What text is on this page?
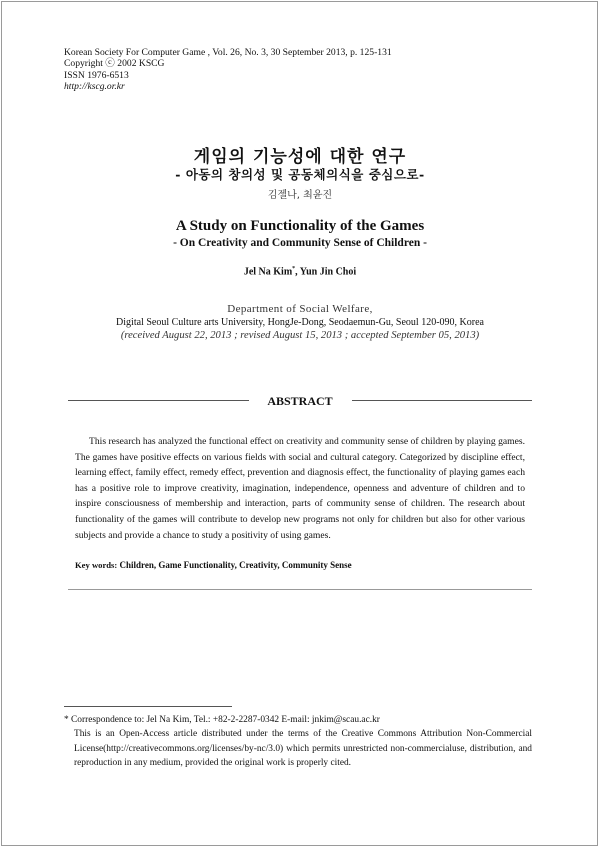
Korean Society For Computer Game , Vol. 26, No. 3, 30 September 2013, p. 125-131
Copyright ⓒ 2002 KSCG
ISSN 1976-6513
http://kscg.or.kr
게임의 기능성에 대한 연구
- 아동의 창의성 및 공동체의식을 중심으로-
김젤나, 최윤진
A Study on Functionality of the Games
- On Creativity and Community Sense of Children -
Jel Na Kim*, Yun Jin Choi
Department of Social Welfare,
Digital Seoul Culture arts University, HongJe-Dong, Seodaemun-Gu, Seoul 120-090, Korea
(received August 22, 2013 ; revised August 15, 2013 ; accepted September 05, 2013)
ABSTRACT

This research has analyzed the functional effect on creativity and community sense of children by playing games. The games have positive effects on various fields with social and cultural category. Categorized by discipline effect, learning effect, family effect, remedy effect, prevention and diagnosis effect, the functionality of playing games each has a positive role to improve creativity, imagination, independence, openness and adventure of children and to inspire consciousness of membership and interaction, parts of community sense of children. The research about functionality of the games will contribute to develop new programs not only for children but also for other various subjects and provide a chance to study a positivity of using games.

Key words: Children, Game Functionality, Creativity, Community Sense
* Correspondence to: Jel Na Kim, Tel.: +82-2-2287-0342 E-mail: jnkim@scau.ac.kr
This is an Open-Access article distributed under the terms of the Creative Commons Attribution Non-Commercial License(http://creativecommons.org/licenses/by-nc/3.0) which permits unrestricted non-commercialuse, distribution, and reproduction in any medium, provided the original work is properly cited.
